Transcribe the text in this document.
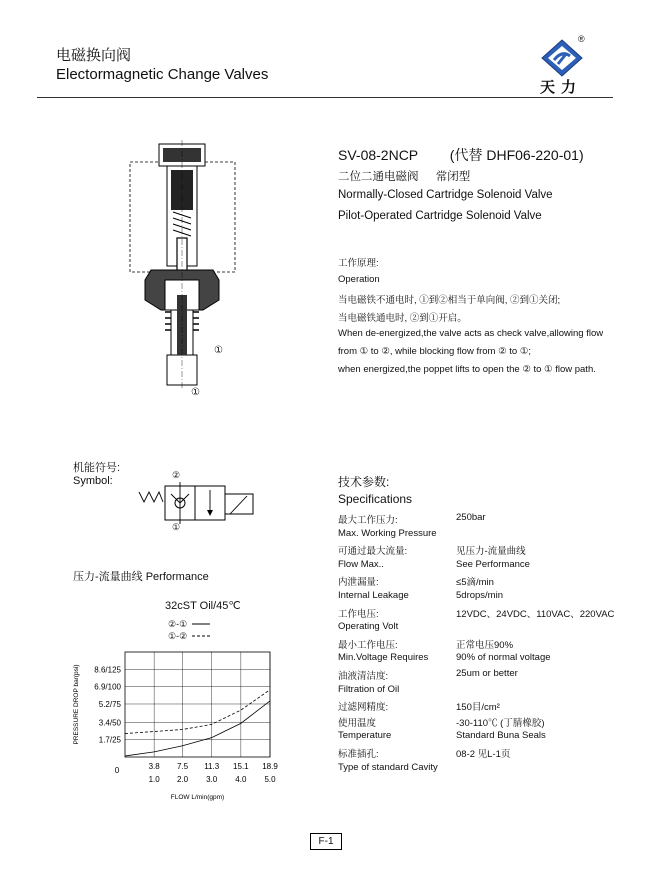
电磁换向阀
Electormagnetic Change Valves
®
天力
①
①
SV-08-2NCP (代替 DHF06-220-01)
二位二通电磁阀 常闭型
Normally-Closed Cartridge Solenoid Valve
Pilot-Operated Cartridge Solenoid Valve
工作原理:
Operation
当电磁铁不通电时, ①到②相当于单向阀, ②到①关闭;
当电磁铁通电时, ②到①开启。
When de-energized,the valve acts as check valve,allowing flow
from ① to ②, while blocking flow from ② to ①;
when energized,the poppet lifts to open the ② to ① flow path.
机能符号:
Symbol:	②
①
压力-流量曲线 Performance
32cST Oil/45℃
②-①
①-②
8.6/125
6.9/100
5.2/75
3.4/50
1.7/25
3.8
1.0
7.5
2.0
11.3
3.0
15.1
4.0
18.9
5.0
0
FLOW L/min(gpm)
PRESSURE DROP bar(psi)
技术参数:
Specifications
最大工作压力:	250bar
Max. Working Pressure
可通过最大流量:	见压力-流量曲线
Flow Max..	See Performance
内泄漏量:	≤5滴/min
Internal Leakage	5drops/min
工作电压:	12VDC、24VDC、110VAC、220VAC
Operating Volt
最小工作电压:	正常电压90%
Min.Voltage Requires	90% of normal voltage
油液清洁度:	25um or better
Filtration of Oil
过滤网精度:	150目/cm²
使用温度	-30-110℃ (丁腈橡胶)
Temperature	Standard Buna Seals
标准插孔:	08-2 见L-1页
Type of standard Cavity
F-1
